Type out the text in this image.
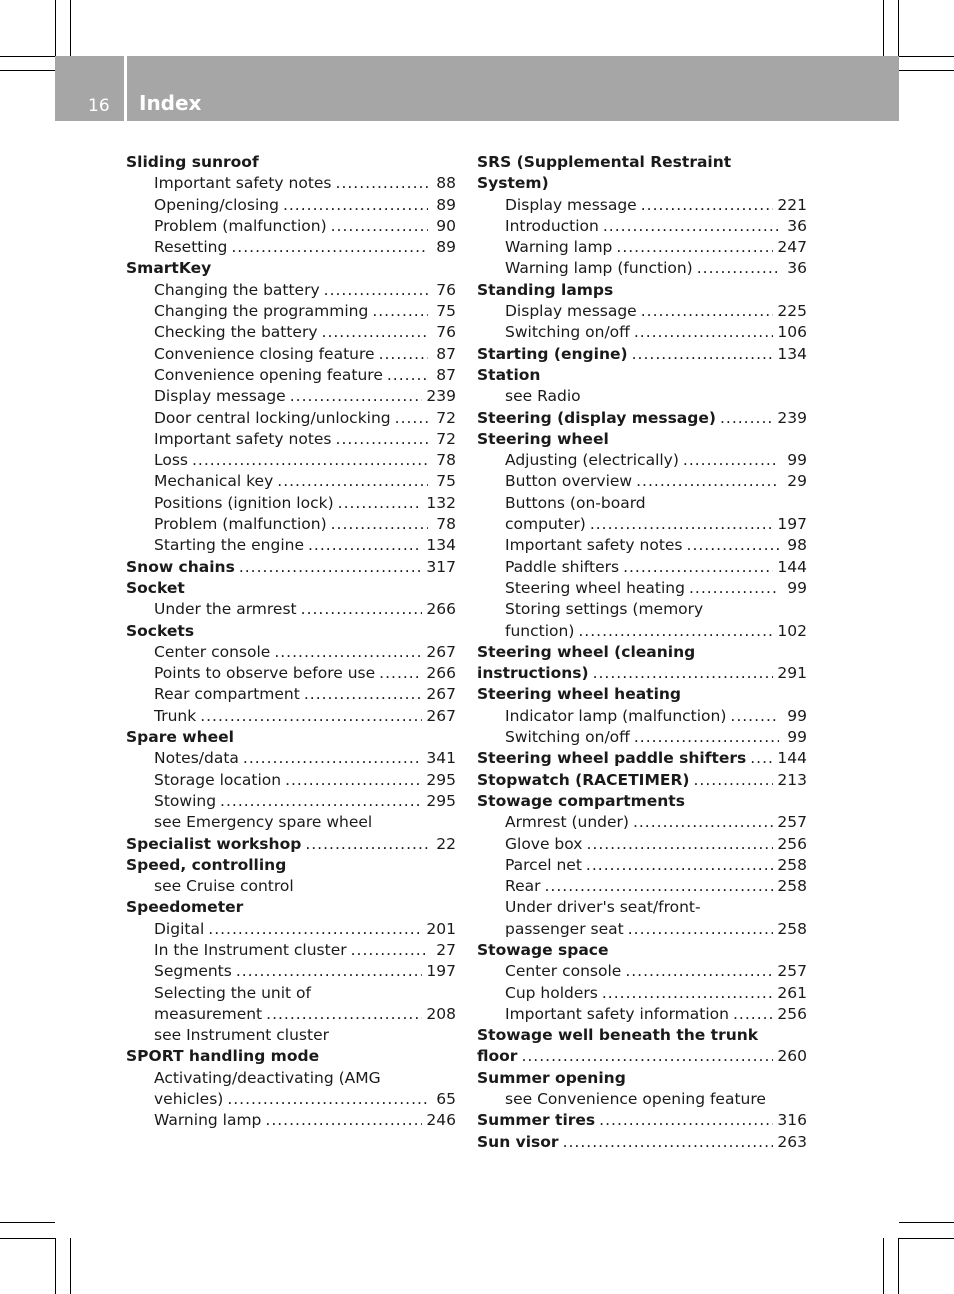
16 Index
Sliding sunroof
Important safety notes .....	88
Opening/closing .....	89
Problem (malfunction) .....	90
Resetting .....	89
SmartKey
Changing the battery .....	76
Changing the programming .....	75
Checking the battery .....	76
Convenience closing feature .....	87
Convenience opening feature .....	87
Display message .....	239
Door central locking/unlocking .....	72
Important safety notes .....	72
Loss .....	78
Mechanical key .....	75
Positions (ignition lock) .....	132
Problem (malfunction) .....	78
Starting the engine .....	134
Snow chains .....	317
Socket
Under the armrest .....	266
Sockets
Center console .....	267
Points to observe before use .....	266
Rear compartment .....	267
Trunk .....	267
Spare wheel
Notes/data .....	341
Storage location .....	295
Stowing .....	295
see Emergency spare wheel
Specialist workshop .....	22
Speed, controlling
see Cruise control
Speedometer
Digital .....	201
In the Instrument cluster .....	27
Segments .....	197
Selecting the unit of
measurement .....	208
see Instrument cluster
SPORT handling mode
Activating/deactivating (AMG
vehicles) .....	65
Warning lamp .....	246
SRS (Supplemental Restraint
System)
Display message .....	221
Introduction .....	36
Warning lamp .....	247
Warning lamp (function) .....	36
Standing lamps
Display message .....	225
Switching on/off .....	106
Starting (engine) .....	134
Station
see Radio
Steering (display message) .....	239
Steering wheel
Adjusting (electrically) .....	99
Button overview .....	29
Buttons (on-board
computer) .....	197
Important safety notes .....	98
Paddle shifters .....	144
Steering wheel heating .....	99
Storing settings (memory
function) .....	102
Steering wheel (cleaning
instructions) .....	291
Steering wheel heating
Indicator lamp (malfunction) .....	99
Switching on/off .....	99
Steering wheel paddle shifters ..... 144
Stopwatch (RACETIMER) .....	213
Stowage compartments
Armrest (under) .....	257
Glove box .....	256
Parcel net .....	258
Rear .....	258
Under driver's seat/front-
passenger seat .....	258
Stowage space
Center console .....	257
Cup holders .....	261
Important safety information .....	256
Stowage well beneath the trunk
floor .....	260
Summer opening
see Convenience opening feature
Summer tires .....	316
Sun visor .....	263
